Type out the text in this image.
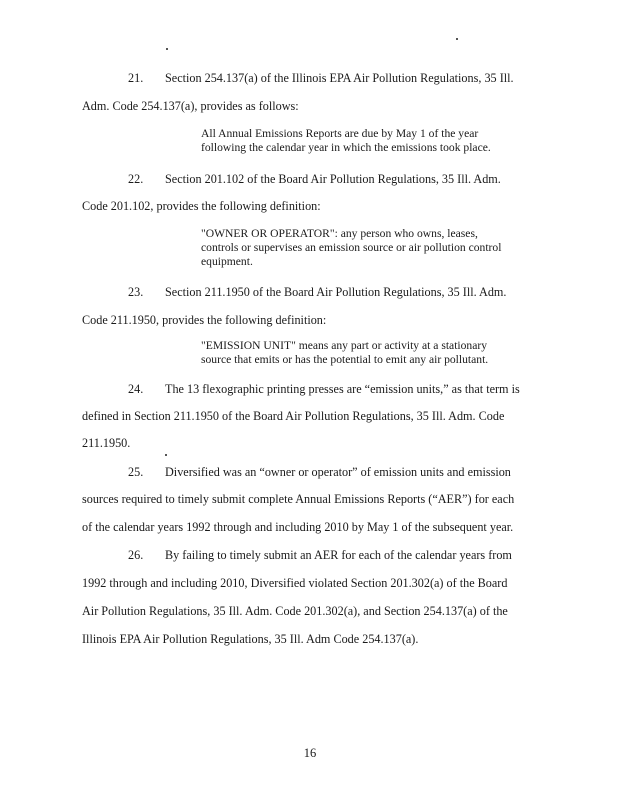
21. Section 254.137(a) of the Illinois EPA Air Pollution Regulations, 35 Ill.
Adm. Code 254.137(a), provides as follows:
All Annual Emissions Reports are due by May 1 of the year
following the calendar year in which the emissions took place.
22. Section 201.102 of the Board Air Pollution Regulations, 35 Ill. Adm.
Code 201.102, provides the following definition:
"OWNER OR OPERATOR": any person who owns, leases,
controls or supervises an emission source or air pollution control
equipment.
23. Section 211.1950 of the Board Air Pollution Regulations, 35 Ill. Adm.
Code 211.1950, provides the following definition:
"EMISSION UNIT" means any part or activity at a stationary
source that emits or has the potential to emit any air pollutant.
24. The 13 flexographic printing presses are “emission units,” as that term is
defined in Section 211.1950 of the Board Air Pollution Regulations, 35 Ill. Adm. Code
211.1950.
25. Diversified was an “owner or operator” of emission units and emission
sources required to timely submit complete Annual Emissions Reports (“AER”) for each
of the calendar years 1992 through and including 2010 by May 1 of the subsequent year.
26. By failing to timely submit an AER for each of the calendar years from
1992 through and including 2010, Diversified violated Section 201.302(a) of the Board
Air Pollution Regulations, 35 Ill. Adm. Code 201.302(a), and Section 254.137(a) of the
Illinois EPA Air Pollution Regulations, 35 Ill. Adm Code 254.137(a).
16
